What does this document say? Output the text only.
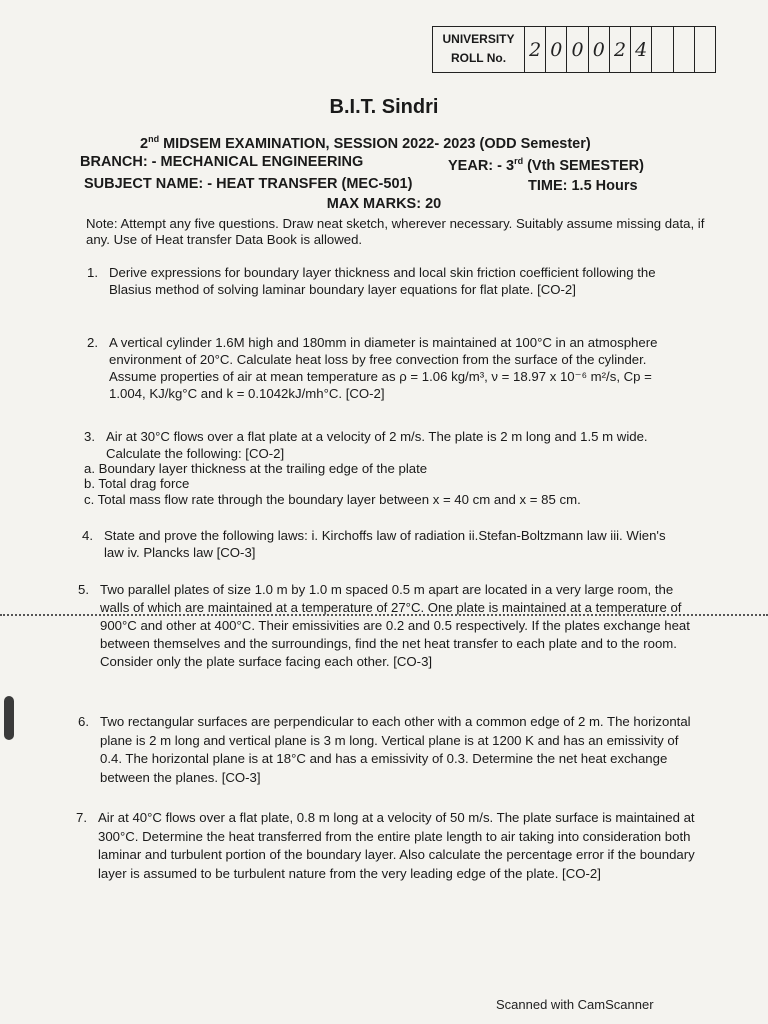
UNIVERSITY
ROLL No.	2 0 0 0 2 4
B.I.T. Sindri
2nd MIDSEM EXAMINATION, SESSION 2022- 2023 (ODD Semester)
BRANCH: - MECHANICAL ENGINEERING	YEAR: - 3rd (Vth SEMESTER)
SUBJECT NAME: - HEAT TRANSFER (MEC-501)	TIME: 1.5 Hours
MAX MARKS: 20
Note: Attempt any five questions. Draw neat sketch, wherever necessary. Suitably assume missing data, if any. Use of Heat transfer Data Book is allowed.
1. Derive expressions for boundary layer thickness and local skin friction coefficient following the Blasius method of solving laminar boundary layer equations for flat plate. [CO-2]
2. A vertical cylinder 1.6M high and 180mm in diameter is maintained at 100°C in an atmosphere environment of 20°C. Calculate heat loss by free convection from the surface of the cylinder. Assume properties of air at mean temperature as ρ = 1.06 kg/m³, ν = 18.97 x 10⁻⁶ m²/s, Cp = 1.004, KJ/kg°C and k = 0.1042kJ/mh°C. [CO-2]
3. Air at 30°C flows over a flat plate at a velocity of 2 m/s. The plate is 2 m long and 1.5 m wide. Calculate the following: [CO-2]
a. Boundary layer thickness at the trailing edge of the plate
b. Total drag force
c. Total mass flow rate through the boundary layer between x = 40 cm and x = 85 cm.
4. State and prove the following laws: i. Kirchoffs law of radiation ii.Stefan-Boltzmann law iii. Wien's law iv. Plancks law [CO-3]
5. Two parallel plates of size 1.0 m by 1.0 m spaced 0.5 m apart are located in a very large room, the walls of which are maintained at a temperature of 27°C. One plate is maintained at a temperature of 900°C and other at 400°C. Their emissivities are 0.2 and 0.5 respectively. If the plates exchange heat between themselves and the surroundings, find the net heat transfer to each plate and to the room. Consider only the plate surface facing each other. [CO-3]
6. Two rectangular surfaces are perpendicular to each other with a common edge of 2 m. The horizontal plane is 2 m long and vertical plane is 3 m long. Vertical plane is at 1200 K and has an emissivity of 0.4. The horizontal plane is at 18°C and has a emissivity of 0.3. Determine the net heat exchange between the planes. [CO-3]
7. Air at 40°C flows over a flat plate, 0.8 m long at a velocity of 50 m/s. The plate surface is maintained at 300°C. Determine the heat transferred from the entire plate length to air taking into consideration both laminar and turbulent portion of the boundary layer. Also calculate the percentage error if the boundary layer is assumed to be turbulent nature from the very leading edge of the plate. [CO-2]
Scanned with CamScanner
